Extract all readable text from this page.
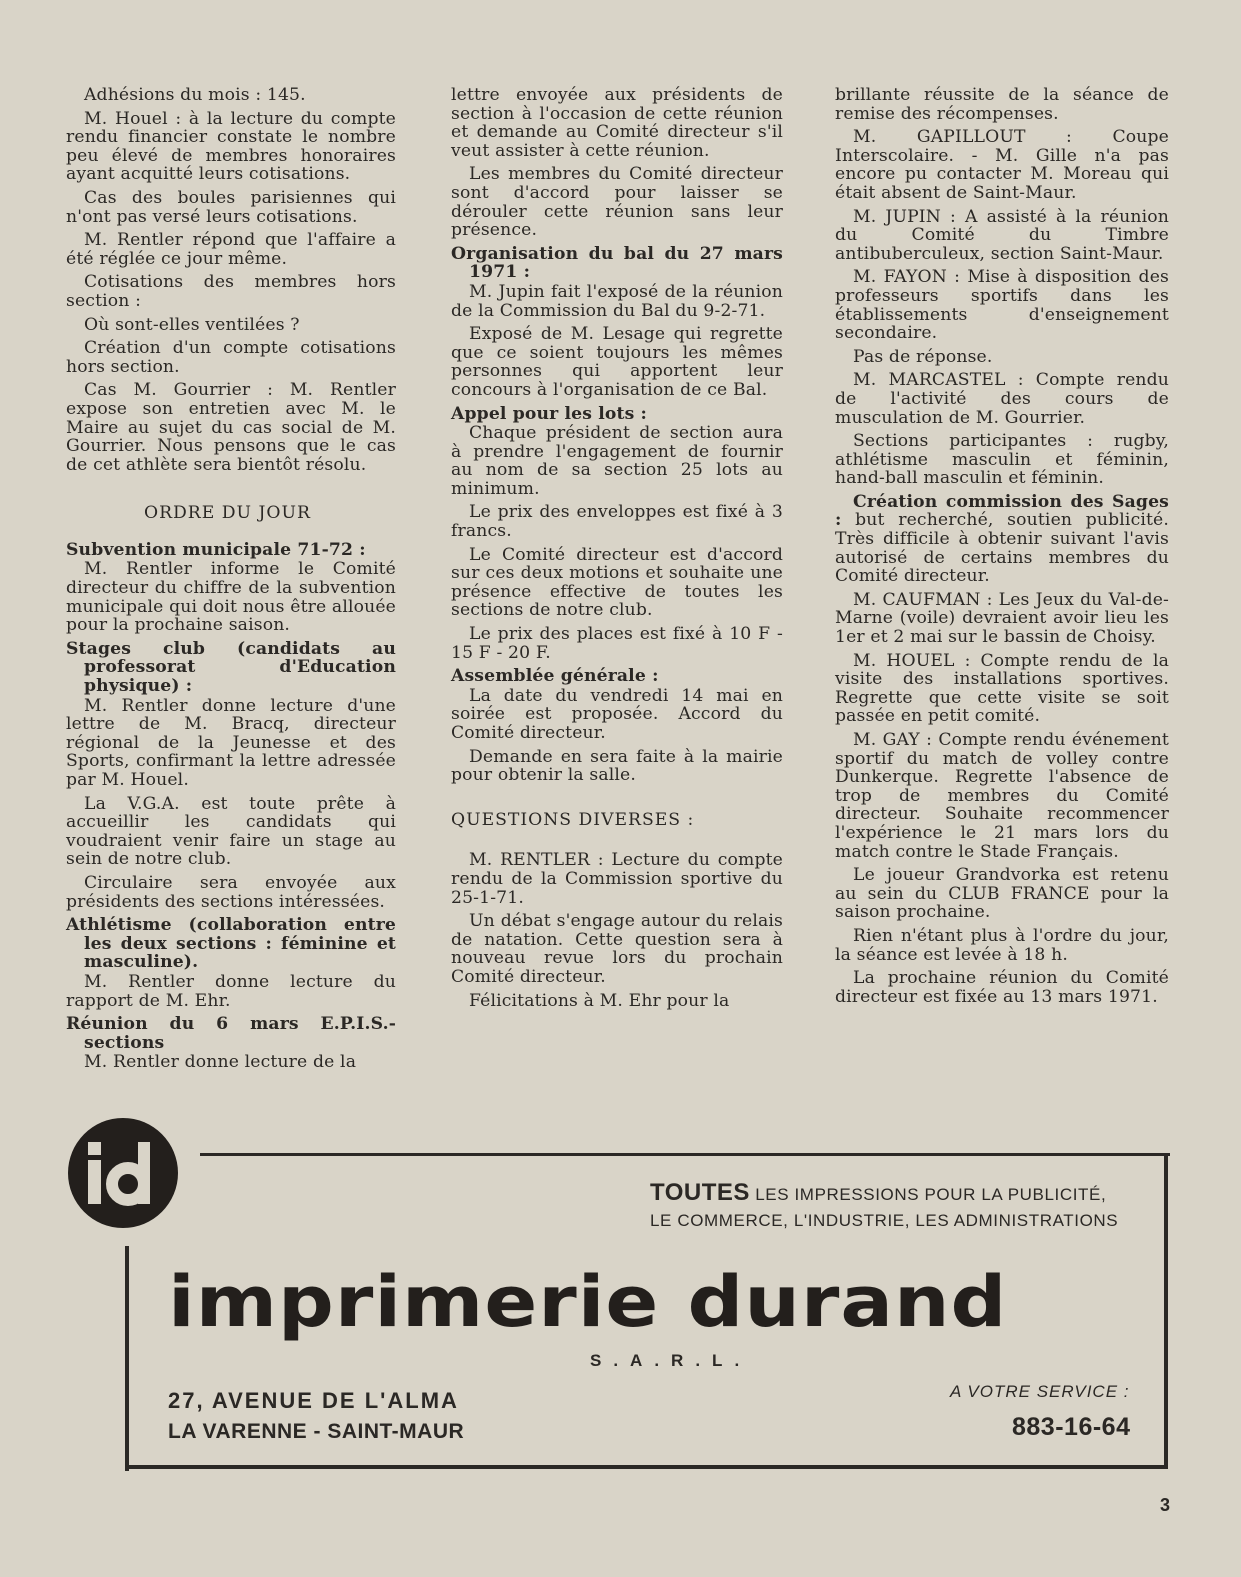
Adhésions du mois : 145.

M. Houel : à la lecture du compte rendu financier constate le nombre peu élevé de membres honoraires ayant acquitté leurs cotisations.

Cas des boules parisiennes qui n'ont pas versé leurs cotisations.

M. Rentler répond que l'affaire a été réglée ce jour même.

Cotisations des membres hors section :

Où sont-elles ventilées ?

Création d'un compte cotisations hors section.

Cas M. Gourrier : M. Rentler expose son entretien avec M. le Maire au sujet du cas social de M. Gourrier. Nous pensons que le cas de cet athlète sera bientôt résolu.

ORDRE DU JOUR

Subvention municipale 71-72 :

M. Rentler informe le Comité directeur du chiffre de la subvention municipale qui doit nous être allouée pour la prochaine saison.

Stages club (candidats au professorat d'Education physique) :

M. Rentler donne lecture d'une lettre de M. Bracq, directeur régional de la Jeunesse et des Sports, confirmant la lettre adressée par M. Houel.

La V.G.A. est toute prête à accueillir les candidats qui voudraient venir faire un stage au sein de notre club.

Circulaire sera envoyée aux présidents des sections intéressées.

Athlétisme (collaboration entre les deux sections : féminine et masculine).

M. Rentler donne lecture du rapport de M. Ehr.

Réunion du 6 mars E.P.I.S.-sections

M. Rentler donne lecture de la

lettre envoyée aux présidents de section à l'occasion de cette réunion et demande au Comité directeur s'il veut assister à cette réunion.

Les membres du Comité directeur sont d'accord pour laisser se dérouler cette réunion sans leur présence.

Organisation du bal du 27 mars 1971 :

M. Jupin fait l'exposé de la réunion de la Commission du Bal du 9-2-71.

Exposé de M. Lesage qui regrette que ce soient toujours les mêmes personnes qui apportent leur concours à l'organisation de ce Bal.

Appel pour les lots :

Chaque président de section aura à prendre l'engagement de fournir au nom de sa section 25 lots au minimum.

Le prix des enveloppes est fixé à 3 francs.

Le Comité directeur est d'accord sur ces deux motions et souhaite une présence effective de toutes les sections de notre club.

Le prix des places est fixé à 10 F - 15 F - 20 F.

Assemblée générale :

La date du vendredi 14 mai en soirée est proposée. Accord du Comité directeur.

Demande en sera faite à la mairie pour obtenir la salle.

QUESTIONS DIVERSES :

M. RENTLER : Lecture du compte rendu de la Commission sportive du 25-1-71.

Un débat s'engage autour du relais de natation. Cette question sera à nouveau revue lors du prochain Comité directeur.

Félicitations à M. Ehr pour la

brillante réussite de la séance de remise des récompenses.

M. GAPILLOUT : Coupe Interscolaire. - M. Gille n'a pas encore pu contacter M. Moreau qui était absent de Saint-Maur.

M. JUPIN : A assisté à la réunion du Comité du Timbre antibuberculeux, section Saint-Maur.

M. FAYON : Mise à disposition des professeurs sportifs dans les établissements d'enseignement secondaire.

Pas de réponse.

M. MARCASTEL : Compte rendu de l'activité des cours de musculation de M. Gourrier.

Sections participantes : rugby, athlétisme masculin et féminin, hand-ball masculin et féminin.

Création commission des Sages : but recherché, soutien publicité. Très difficile à obtenir suivant l'avis autorisé de certains membres du Comité directeur.

M. CAUFMAN : Les Jeux du Val-de-Marne (voile) devraient avoir lieu les 1er et 2 mai sur le bassin de Choisy.

M. HOUEL : Compte rendu de la visite des installations sportives. Regrette que cette visite se soit passée en petit comité.

M. GAY : Compte rendu événement sportif du match de volley contre Dunkerque. Regrette l'absence de trop de membres du Comité directeur. Souhaite recommencer l'expérience le 21 mars lors du match contre le Stade Français.

Le joueur Grandvorka est retenu au sein du CLUB FRANCE pour la saison prochaine.

Rien n'étant plus à l'ordre du jour, la séance est levée à 18 h.

La prochaine réunion du Comité directeur est fixée au 13 mars 1971.

TOUTES LES IMPRESSIONS POUR LA PUBLICITÉ,
LE COMMERCE, L'INDUSTRIE, LES ADMINISTRATIONS
imprimerie durand
S.A.R.L.
27, AVENUE DE L'ALMA
LA VARENNE - SAINT-MAUR
A VOTRE SERVICE :
883-16-64
3
